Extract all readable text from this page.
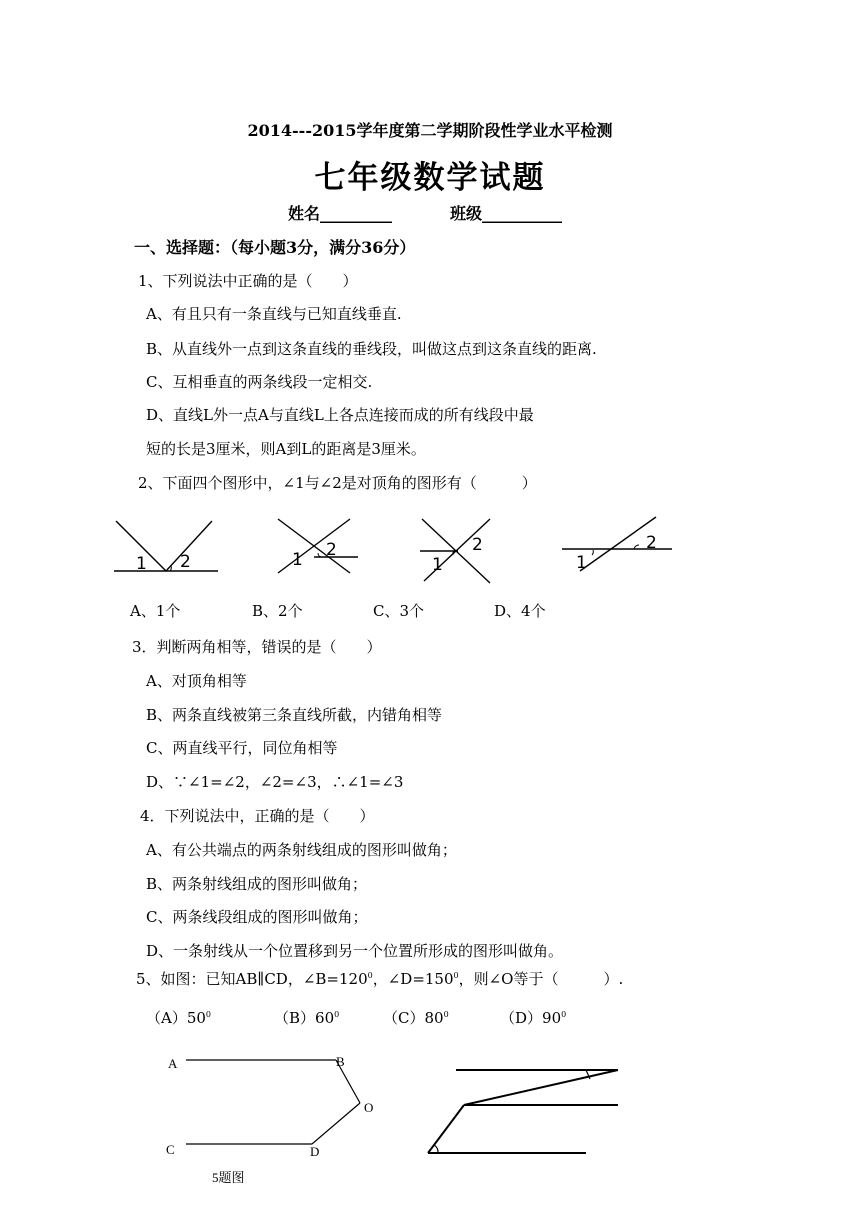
2014---2015学年度第二学期阶段性学业水平检测
七年级数学试题
姓名_________	班级__________
一、选择题：（每小题3分，满分36分）
1、下列说法中正确的是（　　）
A、有且只有一条直线与已知直线垂直.
B、从直线外一点到这条直线的垂线段，叫做这点到这条直线的距离.
C、互相垂直的两条线段一定相交.
D、直线L外一点A与直线L上各点连接而成的所有线段中最
短的长是3厘米，则A到L的距离是3厘米。
2、下面四个图形中，∠1与∠2是对顶角的图形有（　　　）
1 2	1 2
1
2
1
2
A、1个	B、2个	C、3个	D、4个
3．判断两角相等，错误的是（　　）
A、对顶角相等
B、两条直线被第三条直线所截，内错角相等
C、两直线平行，同位角相等
D、∵∠1=∠2，∠2=∠3，∴∠1=∠3
4．下列说法中，正确的是（　　）
A、有公共端点的两条射线组成的图形叫做角；
B、两条射线组成的图形叫做角；
C、两条线段组成的图形叫做角；
D、一条射线从一个位置移到另一个位置所形成的图形叫做角。
5、如图：已知AB∥CD，$\angle B=120^0$，$\angle D=150^0$，则∠O等于（　　　）.
$(A)50^0$	$(B)60^0$	$(C)80^0$	$(D)90^0$
A	B
O
C	D
5题图
